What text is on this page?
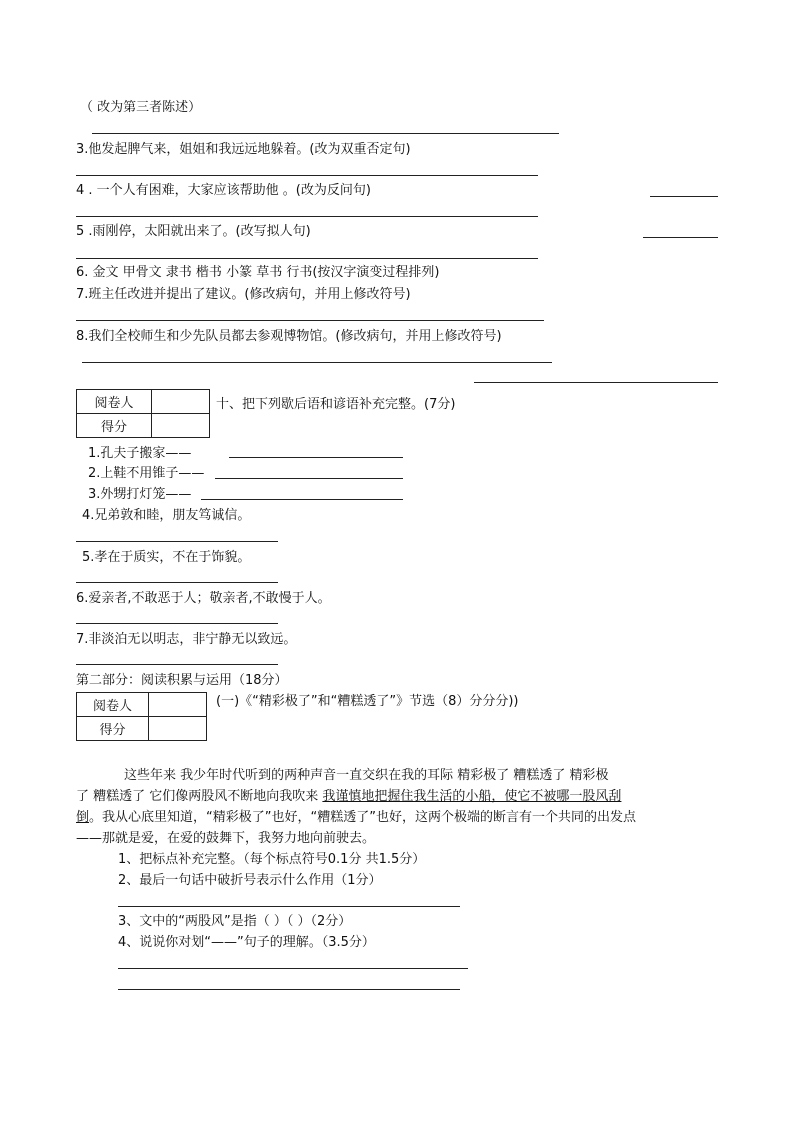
（ 改为第三者陈述）
3.他发起脾气来，姐姐和我远远地躲着。(改为双重否定句)
4 . 一个人有困难，大家应该帮助他 。(改为反问句)
5 .雨刚停，太阳就出来了。(改写拟人句)
6. 金文 甲骨文 隶书 楷书 小篆 草书 行书(按汉字演变过程排列)
7.班主任改进并提出了建议。(修改病句，并用上修改符号)
8.我们全校师生和少先队员都去参观博物馆。(修改病句，并用上修改符号)
阅卷人	
得分	
十、把下列歇后语和谚语补充完整。(7分)
1.孔夫子搬家——
2.上鞋不用锥子——
3.外甥打灯笼——
4.兄弟敦和睦，朋友笃诚信。
5.孝在于质实，不在于饰貌。
6.爱亲者,不敢恶于人；敬亲者,不敢慢于人。
7.非淡泊无以明志，非宁静无以致远。
第二部分：阅读积累与运用（18分）
阅卷人	
得分	
(一)《“精彩极了”和“糟糕透了”》节选（8）分分分))
这些年来 我少年时代听到的两种声音一直交织在我的耳际 精彩极了 糟糕透了 精彩极
了 糟糕透了 它们像两股风不断地向我吹来 我谨慎地把握住我生活的小船，使它不被哪一股风刮
倒。我从心底里知道，“精彩极了”也好，“糟糕透了”也好，这两个极端的断言有一个共同的出发点
——那就是爱，在爱的鼓舞下，我努力地向前驶去。
1、把标点补充完整。（每个标点符号0.1分 共1.5分）
2、最后一句话中破折号表示什么作用（1分）
3、文中的“两股风”是指（ ）（ ）（2分）
4、说说你对划“——”句子的理解。（3.5分）
